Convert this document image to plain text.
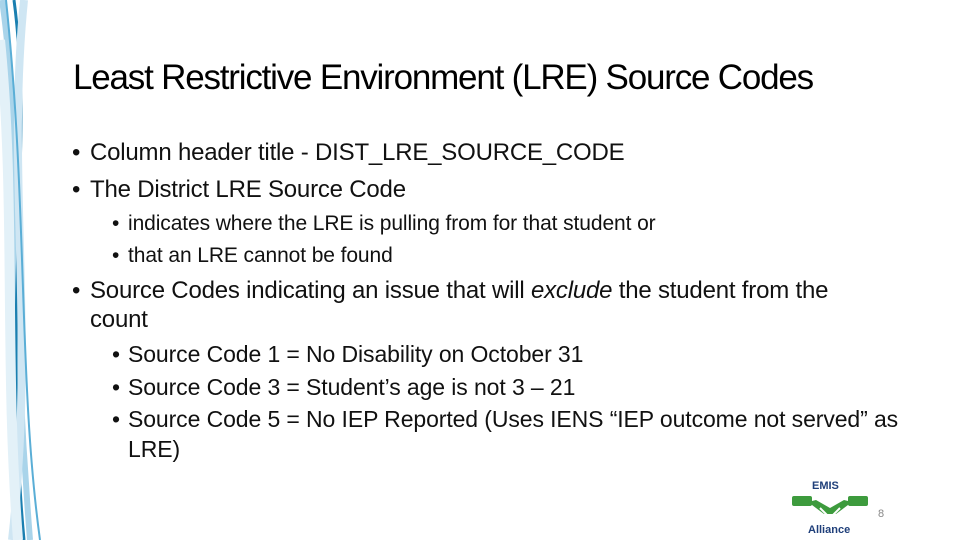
Least Restrictive Environment (LRE) Source Codes
• Column header title - DIST_LRE_SOURCE_CODE
• The District LRE Source Code
• indicates where the LRE is pulling from for that student or
• that an LRE cannot be found
• Source Codes indicating an issue that will exclude the student from the count
• Source Code 1 = No Disability on October 31
• Source Code 3 = Student’s age is not 3 – 21
• Source Code 5 = No IEP Reported (Uses IENS “IEP outcome not served” as LRE)
EMIS
Alliance
8
